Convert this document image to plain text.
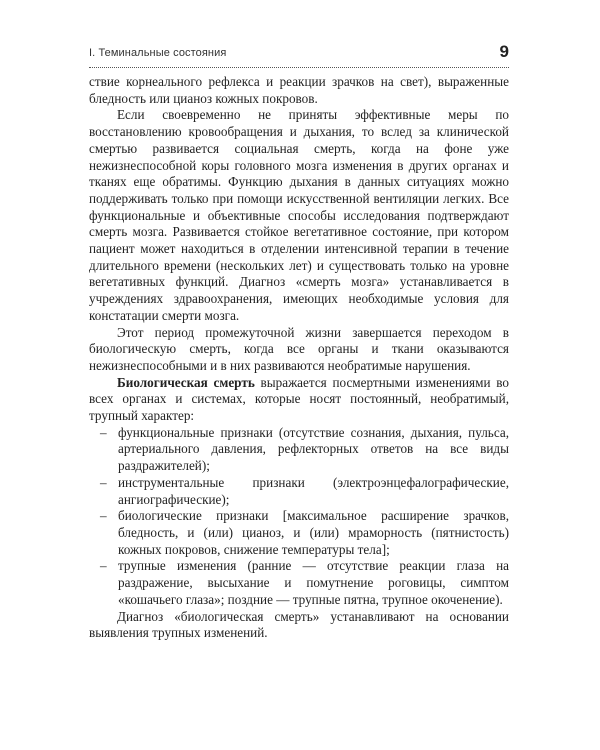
I. Теминальные состояния	9

ствие корнеального рефлекса и реакции зрачков на свет), выраженные бледность или цианоз кожных покровов.

Если своевременно не приняты эффективные меры по восстановлению кровообращения и дыхания, то вслед за клинической смертью развивается социальная смерть, когда на фоне уже нежизнеспособной коры головного мозга изменения в других органах и тканях еще обратимы. Функцию дыхания в данных ситуациях можно поддерживать только при помощи искусственной вентиляции легких. Все функциональные и объективные способы исследования подтверждают смерть мозга. Развивается стойкое вегетативное состояние, при котором пациент может находиться в отделении интенсивной терапии в течение длительного времени (нескольких лет) и существовать только на уровне вегетативных функций. Диагноз «смерть мозга» устанавливается в учреждениях здравоохранения, имеющих необходимые условия для констатации смерти мозга.

Этот период промежуточной жизни завершается переходом в биологическую смерть, когда все органы и ткани оказываются нежизнеспособными и в них развиваются необратимые нарушения.

Биологическая смерть выражается посмертными изменениями во всех органах и системах, которые носят постоянный, необратимый, трупный характер:

– функциональные признаки (отсутствие сознания, дыхания, пульса, артериального давления, рефлекторных ответов на все виды раздражителей);
– инструментальные признаки (электроэнцефалографические, ангиографические);
– биологические признаки [максимальное расширение зрачков, бледность, и (или) цианоз, и (или) мраморность (пятнистость) кожных покровов, снижение температуры тела];
– трупные изменения (ранние — отсутствие реакции глаза на раздражение, высыхание и помутнение роговицы, симптом «кошачьего глаза»; поздние — трупные пятна, трупное окоченение).

Диагноз «биологическая смерть» устанавливают на основании выявления трупных изменений.
